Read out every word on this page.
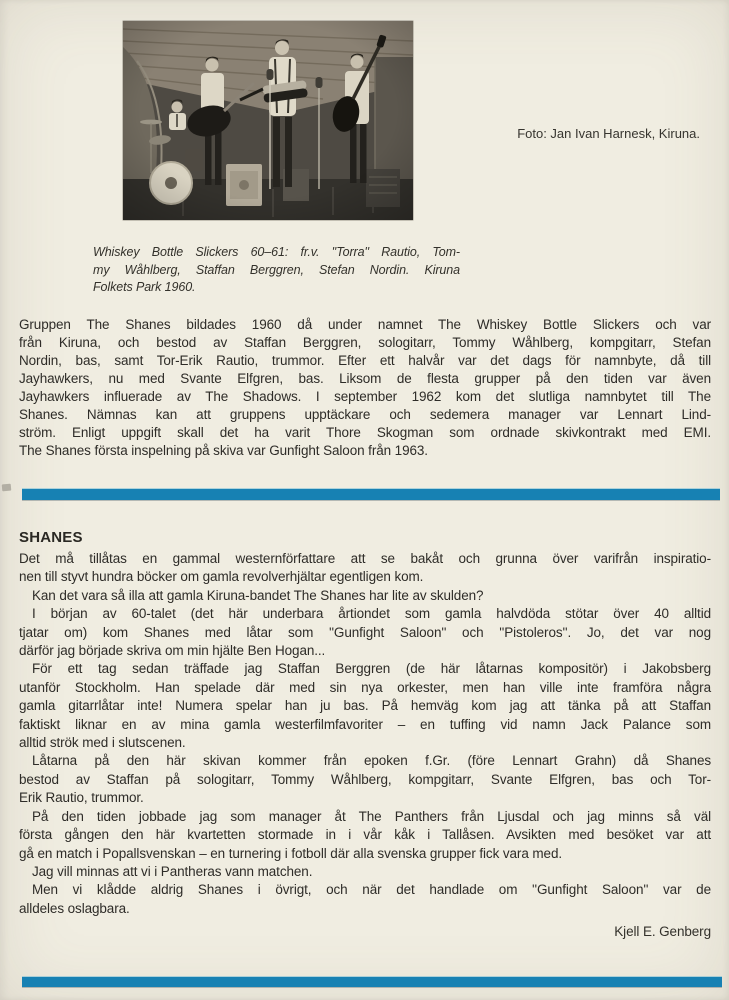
Foto: Jan Ivan Harnesk, Kiruna.
Whiskey Bottle Slickers 60–61: fr.v. ''Torra'' Rautio, Tom-
my Wåhlberg, Staffan Berggren, Stefan Nordin. Kiruna
Folkets Park 1960.
Gruppen The Shanes bildades 1960 då under namnet The Whiskey Bottle Slickers och var
från Kiruna, och bestod av Staffan Berggren, sologitarr, Tommy Wåhlberg, kompgitarr, Stefan
Nordin, bas, samt Tor-Erik Rautio, trummor. Efter ett halvår var det dags för namnbyte, då till
Jayhawkers, nu med Svante Elfgren, bas. Liksom de flesta grupper på den tiden var även
Jayhawkers influerade av The Shadows. I september 1962 kom det slutliga namnbytet till The
Shanes. Nämnas kan att gruppens upptäckare och sedemera manager var Lennart Lind-
ström. Enligt uppgift skall det ha varit Thore Skogman som ordnade skivkontrakt med EMI.
The Shanes första inspelning på skiva var Gunfight Saloon från 1963.
SHANES
Det må tillåtas en gammal westernförfattare att se bakåt och grunna över varifrån inspiratio-
nen till styvt hundra böcker om gamla revolverhjältar egentligen kom.
Kan det vara så illa att gamla Kiruna-bandet The Shanes har lite av skulden?
I början av 60-talet (det här underbara årtiondet som gamla halvdöda stötar över 40 alltid
tjatar om) kom Shanes med låtar som ''Gunfight Saloon'' och ''Pistoleros''. Jo, det var nog
därför jag började skriva om min hjälte Ben Hogan...
För ett tag sedan träffade jag Staffan Berggren (de här låtarnas kompositör) i Jakobsberg
utanför Stockholm. Han spelade där med sin nya orkester, men han ville inte framföra några
gamla gitarrlåtar inte! Numera spelar han ju bas. På hemväg kom jag att tänka på att Staffan
faktiskt liknar en av mina gamla westerfilmfavoriter – en tuffing vid namn Jack Palance som
alltid strök med i slutscenen.
Låtarna på den här skivan kommer från epoken f.Gr. (före Lennart Grahn) då Shanes
bestod av Staffan på sologitarr, Tommy Wåhlberg, kompgitarr, Svante Elfgren, bas och Tor-
Erik Rautio, trummor.
På den tiden jobbade jag som manager åt The Panthers från Ljusdal och jag minns så väl
första gången den här kvartetten stormade in i vår kåk i Tallåsen. Avsikten med besöket var att
gå en match i Popallsvenskan – en turnering i fotboll där alla svenska grupper fick vara med.
Jag vill minnas att vi i Pantheras vann matchen.
Men vi klådde aldrig Shanes i övrigt, och när det handlade om ''Gunfight Saloon'' var de
alldeles oslagbara.
Kjell E. Genberg
